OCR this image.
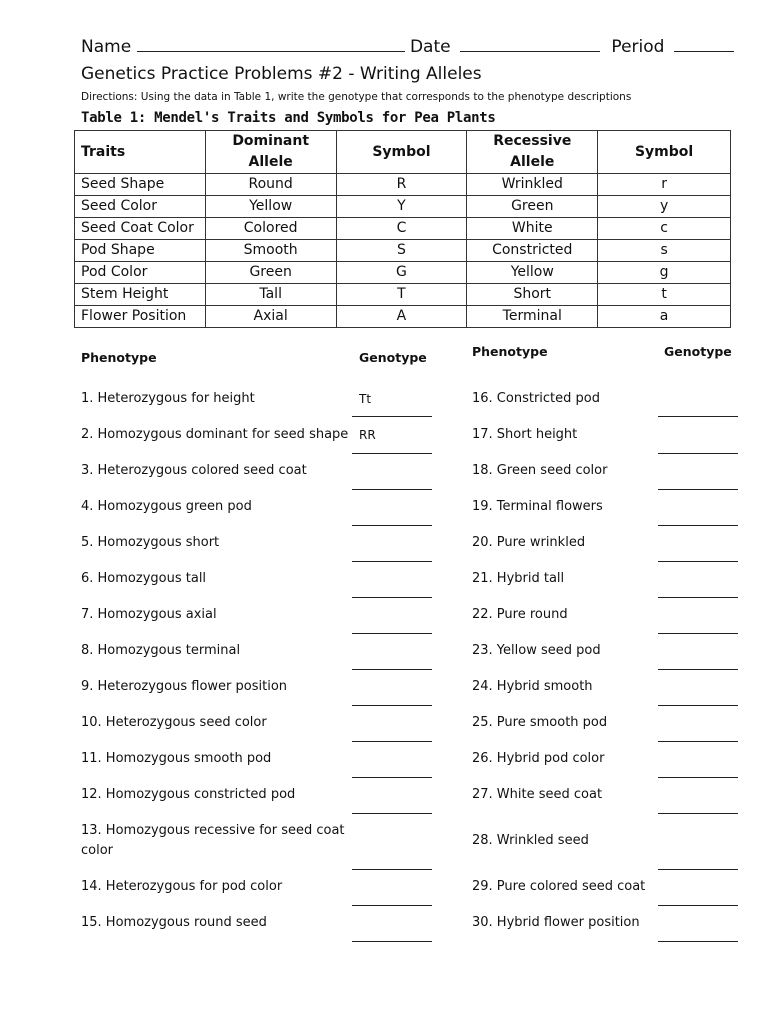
Name	Date	Period
Genetics Practice Problems #2 - Writing Alleles
Directions: Using the data in Table 1, write the genotype that corresponds to the phenotype descriptions
Table 1: Mendel's Traits and Symbols for Pea Plants
Traits	Dominant Allele	Symbol	Recessive Allele	Symbol
Seed Shape	Round	R	Wrinkled	r
Seed Color	Yellow	Y	Green	y
Seed Coat Color	Colored	C	White	c
Pod Shape	Smooth	S	Constricted	s
Pod Color	Green	G	Yellow	g
Stem Height	Tall	T	Short	t
Flower Position	Axial	A	Terminal	a
Phenotype	Genotype	Phenotype	Genotype
1. Heterozygous for height	Tt
2. Homozygous dominant for seed shape RR
3. Heterozygous colored seed coat
4. Homozygous green pod
5. Homozygous short
6. Homozygous tall
7. Homozygous axial
8. Homozygous terminal
9. Heterozygous flower position
10. Heterozygous seed color
11. Homozygous smooth pod
12. Homozygous constricted pod
13. Homozygous recessive for seed coat
color
14. Heterozygous for pod color
15. Homozygous round seed
16. Constricted pod
17. Short height
18. Green seed color
19. Terminal flowers
20. Pure wrinkled
21. Hybrid tall
22. Pure round
23. Yellow seed pod
24. Hybrid smooth
25. Pure smooth pod
26. Hybrid pod color
27. White seed coat
28. Wrinkled seed
29. Pure colored seed coat
30. Hybrid flower position
